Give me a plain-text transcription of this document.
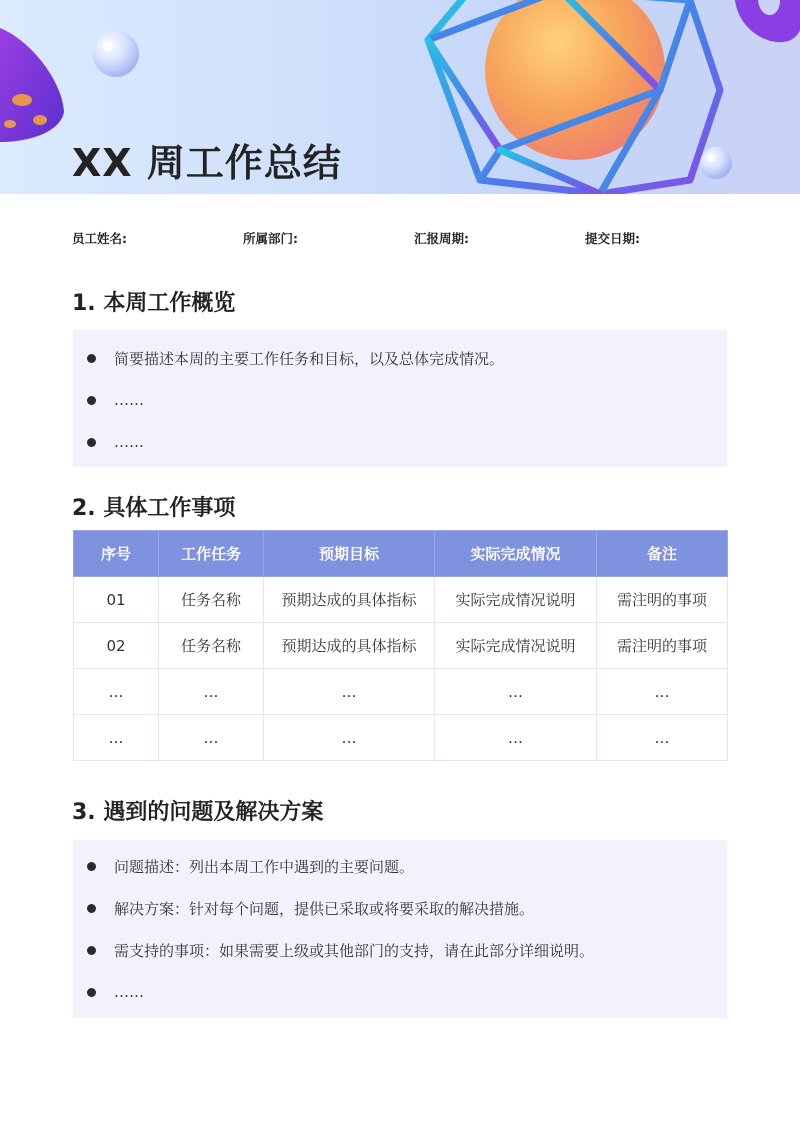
XX 周工作总结
员工姓名:	所属部门:	汇报周期:	提交日期:
1. 本周工作概览
简要描述本周的主要工作任务和目标，以及总体完成情况。
……
……
2. 具体工作事项
序号	工作任务	预期目标	实际完成情况	备注
01	任务名称	预期达成的具体指标	实际完成情况说明	需注明的事项
02	任务名称	预期达成的具体指标	实际完成情况说明	需注明的事项
…	…	…	…	…
…	…	…	…	…
3. 遇到的问题及解决方案
问题描述：列出本周工作中遇到的主要问题。
解决方案：针对每个问题，提供已采取或将要采取的解决措施。
需支持的事项：如果需要上级或其他部门的支持，请在此部分详细说明。
……
